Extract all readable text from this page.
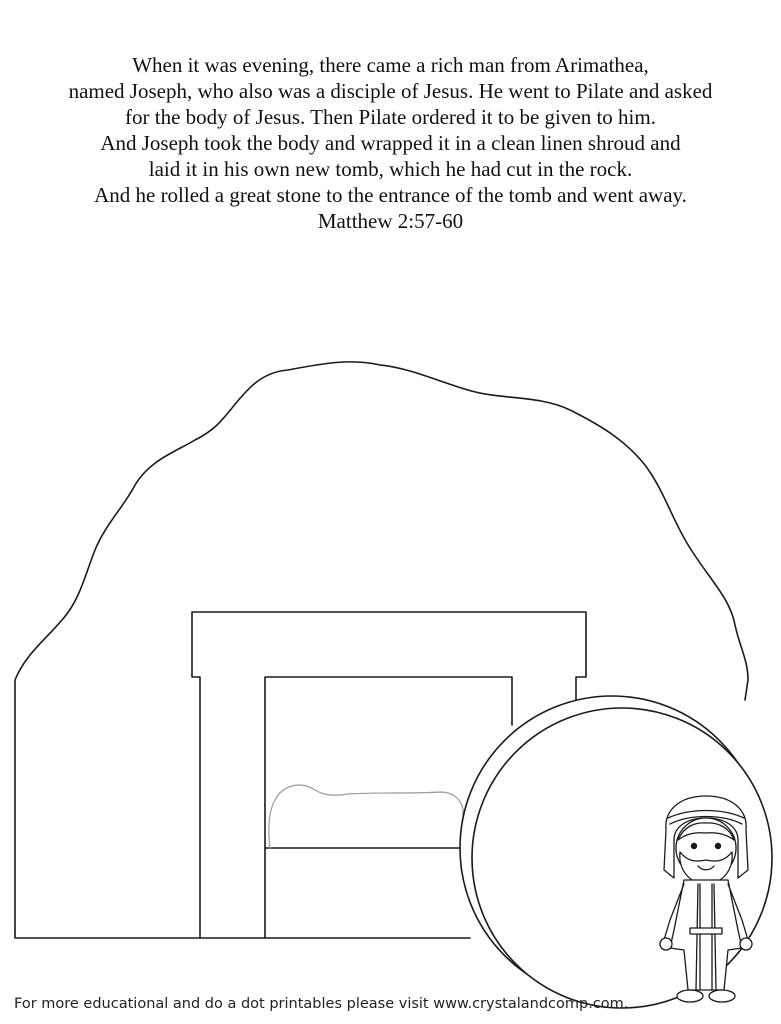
When it was evening, there came a rich man from Arimathea,
named Joseph, who also was a disciple of Jesus. He went to Pilate and asked
for the body of Jesus. Then Pilate ordered it to be given to him.
And Joseph took the body and wrapped it in a clean linen shroud and
laid it in his own new tomb, which he had cut in the rock.
And he rolled a great stone to the entrance of the tomb and went away.
Matthew 2:57-60
For more educational and do a dot printables please visit www.crystalandcomp.com.
